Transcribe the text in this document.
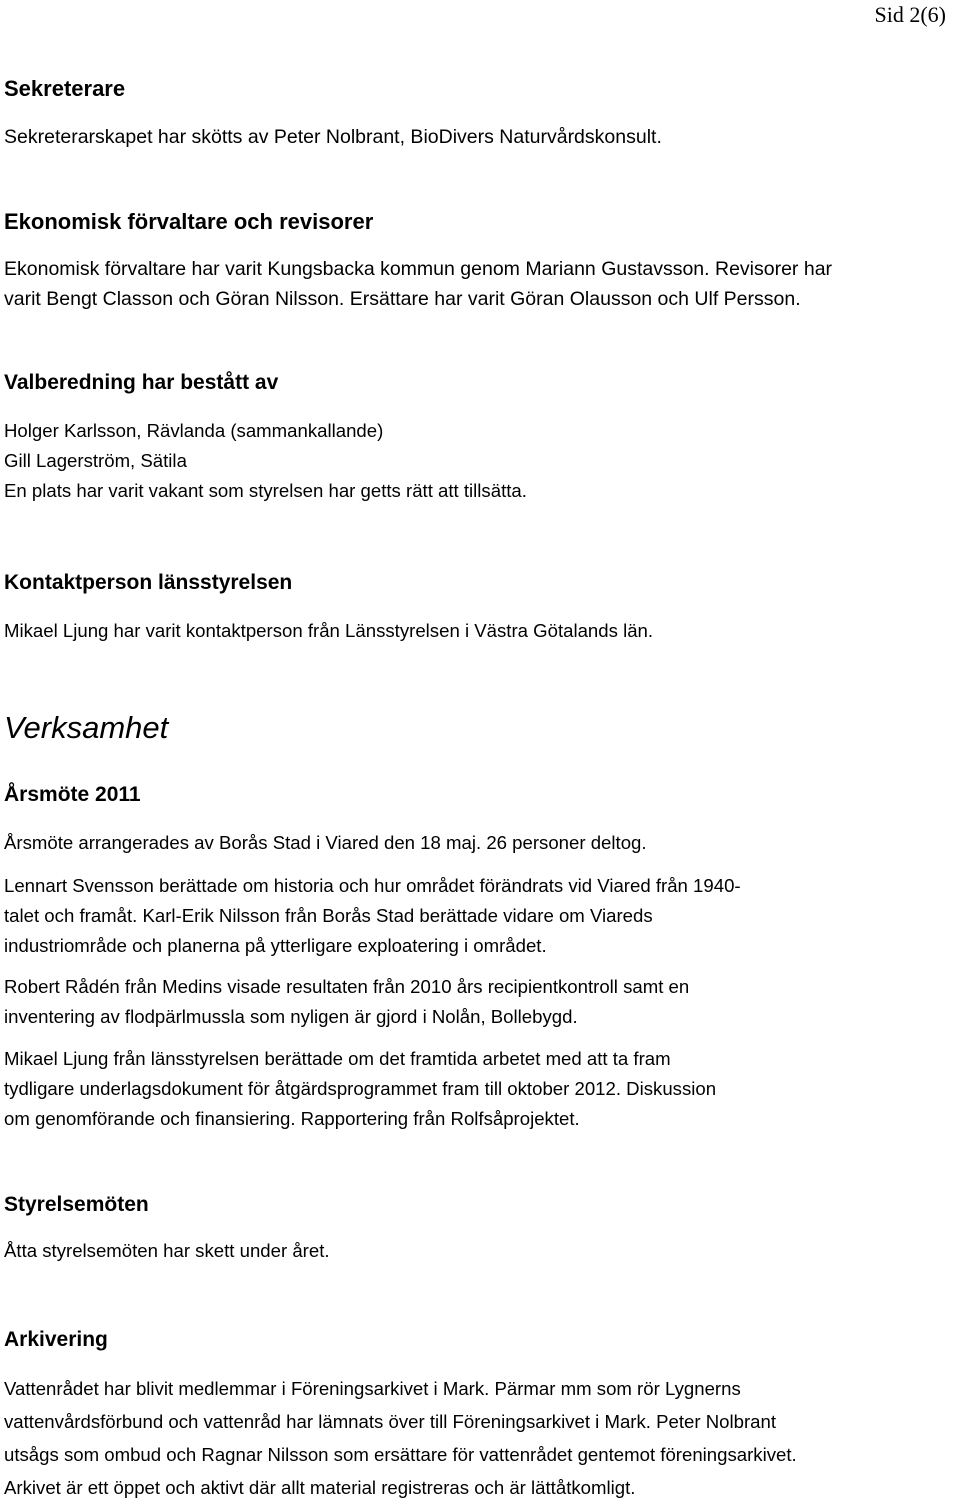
Sid 2(6)
Sekreterare

Sekreterarskapet har skötts av Peter Nolbrant, BioDivers Naturvårdskonsult.

Ekonomisk förvaltare och revisorer
Ekonomisk förvaltare har varit Kungsbacka kommun genom Mariann Gustavsson. Revisorer har
varit Bengt Classon och Göran Nilsson. Ersättare har varit Göran Olausson och Ulf Persson.
Valberedning har bestått av
Holger Karlsson, Rävlanda (sammankallande)
Gill Lagerström, Sätila
En plats har varit vakant som styrelsen har getts rätt att tillsätta.
Kontaktperson länsstyrelsen

Mikael Ljung har varit kontaktperson från Länsstyrelsen i Västra Götalands län.

Verksamhet
Årsmöte 2011
Årsmöte arrangerades av Borås Stad i Viared den 18 maj. 26 personer deltog.
Lennart Svensson berättade om historia och hur området förändrats vid Viared från 1940-
talet och framåt. Karl-Erik Nilsson från Borås Stad berättade vidare om Viareds
industriområde och planerna på ytterligare exploatering i området.
Robert Rådén från Medins visade resultaten från 2010 års recipientkontroll samt en
inventering av flodpärlmussla som nyligen är gjord i Nolån, Bollebygd.
Mikael Ljung från länsstyrelsen berättade om det framtida arbetet med att ta fram
tydligare underlagsdokument för åtgärdsprogrammet fram till oktober 2012. Diskussion
om genomförande och finansiering. Rapportering från Rolfsåprojektet.
Styrelsemöten

Åtta styrelsemöten har skett under året.

Arkivering
Vattenrådet har blivit medlemmar i Föreningsarkivet i Mark. Pärmar mm som rör Lygnerns
vattenvårdsförbund och vattenråd har lämnats över till Föreningsarkivet i Mark. Peter Nolbrant
utsågs som ombud och Ragnar Nilsson som ersättare för vattenrådet gentemot föreningsarkivet.
Arkivet är ett öppet och aktivt där allt material registreras och är lättåtkomligt.
